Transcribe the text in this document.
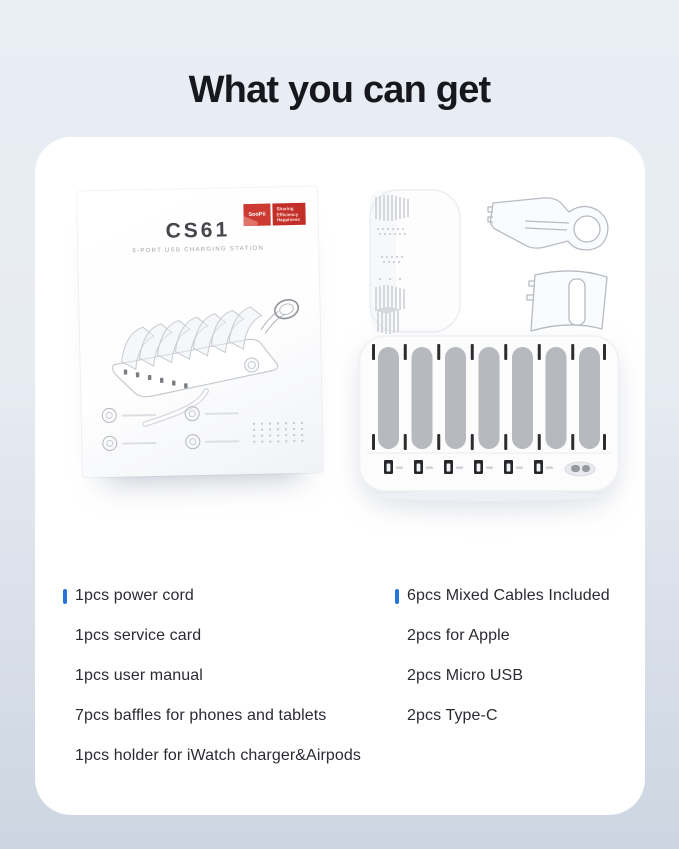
What you can get
SooPii
Sharing Efficiency Happiness
CS61
6-PORT USB CHARGING STATION
1pcs power cord
1pcs service card
1pcs user manual
7pcs baffles for phones and tablets
1pcs holder for iWatch charger&Airpods
6pcs Mixed Cables Included
2pcs for Apple
2pcs Micro USB
2pcs Type-C
